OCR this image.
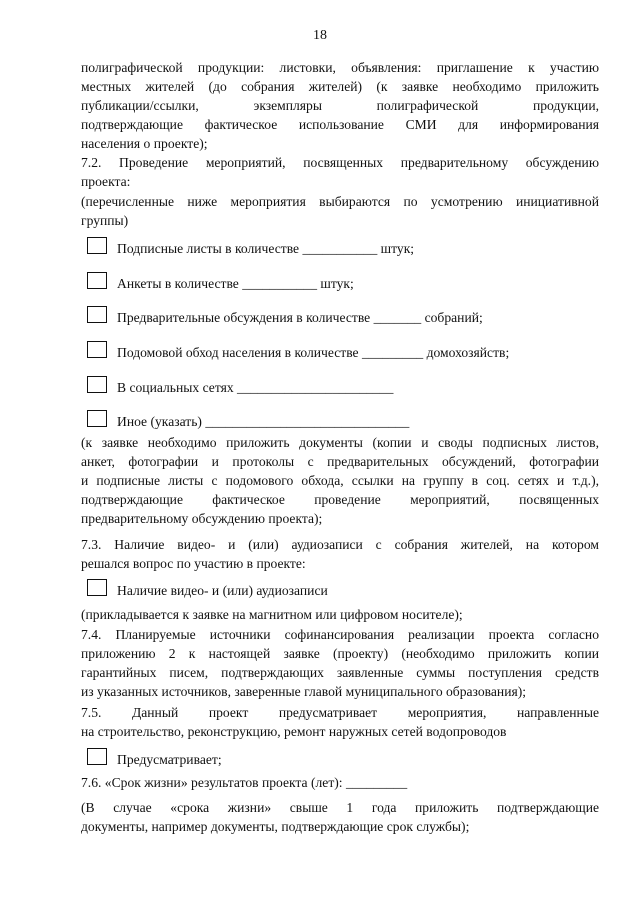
18
полиграфической продукции: листовки, объявления: приглашение к участию
местных жителей (до собрания жителей) (к заявке необходимо приложить
публикации/ссылки, экземпляры полиграфической продукции,
подтверждающие фактическое использование СМИ для информирования
населения о проекте);
7.2. Проведение мероприятий, посвященных предварительному обсуждению
проекта:
(перечисленные ниже мероприятия выбираются по усмотрению инициативной
группы)
Подписные листы в количестве ___________ штук;
Анкеты в количестве ___________ штук;
Предварительные обсуждения в количестве _______ собраний;
Подомовой обход населения в количестве _________ домохозяйств;
В социальных сетях _______________________
Иное (указать) ______________________________
(к заявке необходимо приложить документы (копии и своды подписных листов,
анкет, фотографии и протоколы с предварительных обсуждений, фотографии
и подписные листы с подомового обхода, ссылки на группу в соц. сетях и т.д.),
подтверждающие фактическое проведение мероприятий, посвященных
предварительному обсуждению проекта);
7.3. Наличие видео- и (или) аудиозаписи с собрания жителей, на котором
решался вопрос по участию в проекте:
Наличие видео- и (или) аудиозаписи
(прикладывается к заявке на магнитном или цифровом носителе);
7.4. Планируемые источники софинансирования реализации проекта согласно
приложению 2 к настоящей заявке (проекту) (необходимо приложить копии
гарантийных писем, подтверждающих заявленные суммы поступления средств
из указанных источников, заверенные главой муниципального образования);
7.5. Данный проект предусматривает мероприятия, направленные
на строительство, реконструкцию, ремонт наружных сетей водопроводов
Предусматривает;
7.6. «Срок жизни» результатов проекта (лет): _________
(В случае «срока жизни» свыше 1 года приложить подтверждающие
документы, например документы, подтверждающие срок службы);
